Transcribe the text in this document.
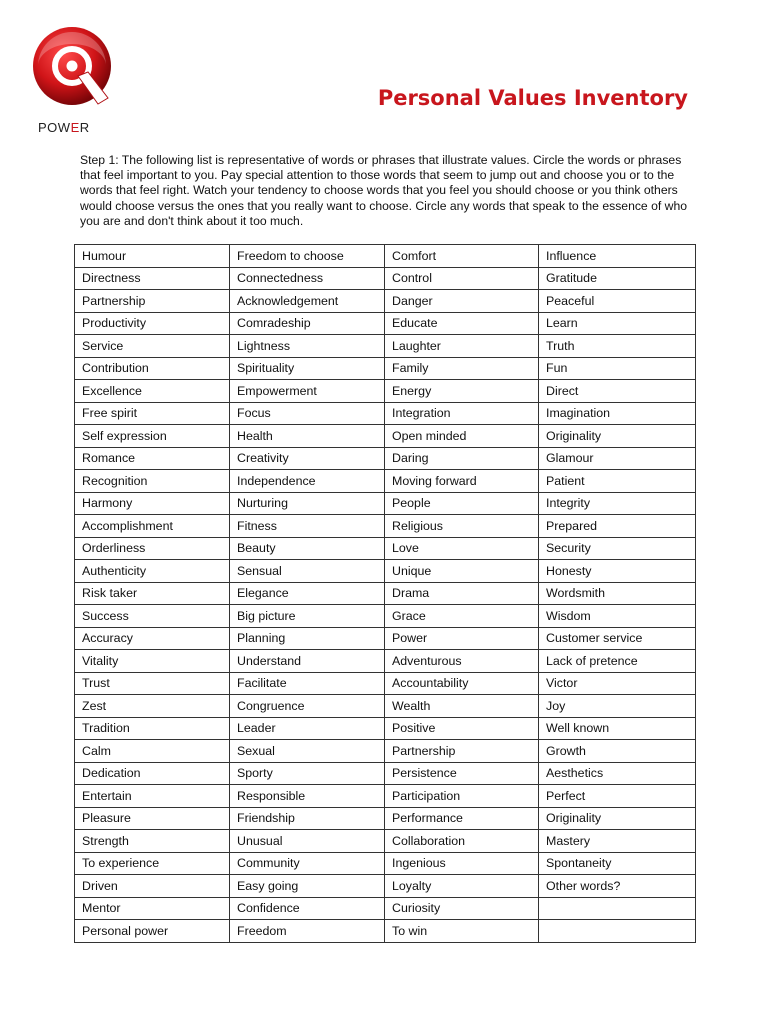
POWER
Personal Values Inventory

Step 1: The following list is representative of words or phrases that illustrate values. Circle the words or phrases that feel important to you. Pay special attention to those words that seem to jump out and choose you or to the words that feel right. Watch your tendency to choose words that you feel you should choose or you think others would choose versus the ones that you really want to choose. Circle any words that speak to the essence of who you are and don't think about it too much.

Humour	Freedom to choose	Comfort	Influence
Directness	Connectedness	Control	Gratitude
Partnership	Acknowledgement	Danger	Peaceful
Productivity	Comradeship	Educate	Learn
Service	Lightness	Laughter	Truth
Contribution	Spirituality	Family	Fun
Excellence	Empowerment	Energy	Direct
Free spirit	Focus	Integration	Imagination
Self expression	Health	Open minded	Originality
Romance	Creativity	Daring	Glamour
Recognition	Independence	Moving forward	Patient
Harmony	Nurturing	People	Integrity
Accomplishment	Fitness	Religious	Prepared
Orderliness	Beauty	Love	Security
Authenticity	Sensual	Unique	Honesty
Risk taker	Elegance	Drama	Wordsmith
Success	Big picture	Grace	Wisdom
Accuracy	Planning	Power	Customer service
Vitality	Understand	Adventurous	Lack of pretence
Trust	Facilitate	Accountability	Victor
Zest	Congruence	Wealth	Joy
Tradition	Leader	Positive	Well known
Calm	Sexual	Partnership	Growth
Dedication	Sporty	Persistence	Aesthetics
Entertain	Responsible	Participation	Perfect
Pleasure	Friendship	Performance	Originality
Strength	Unusual	Collaboration	Mastery
To experience	Community	Ingenious	Spontaneity
Driven	Easy going	Loyalty	Other words?
Mentor	Confidence	Curiosity	
Personal power	Freedom	To win	
